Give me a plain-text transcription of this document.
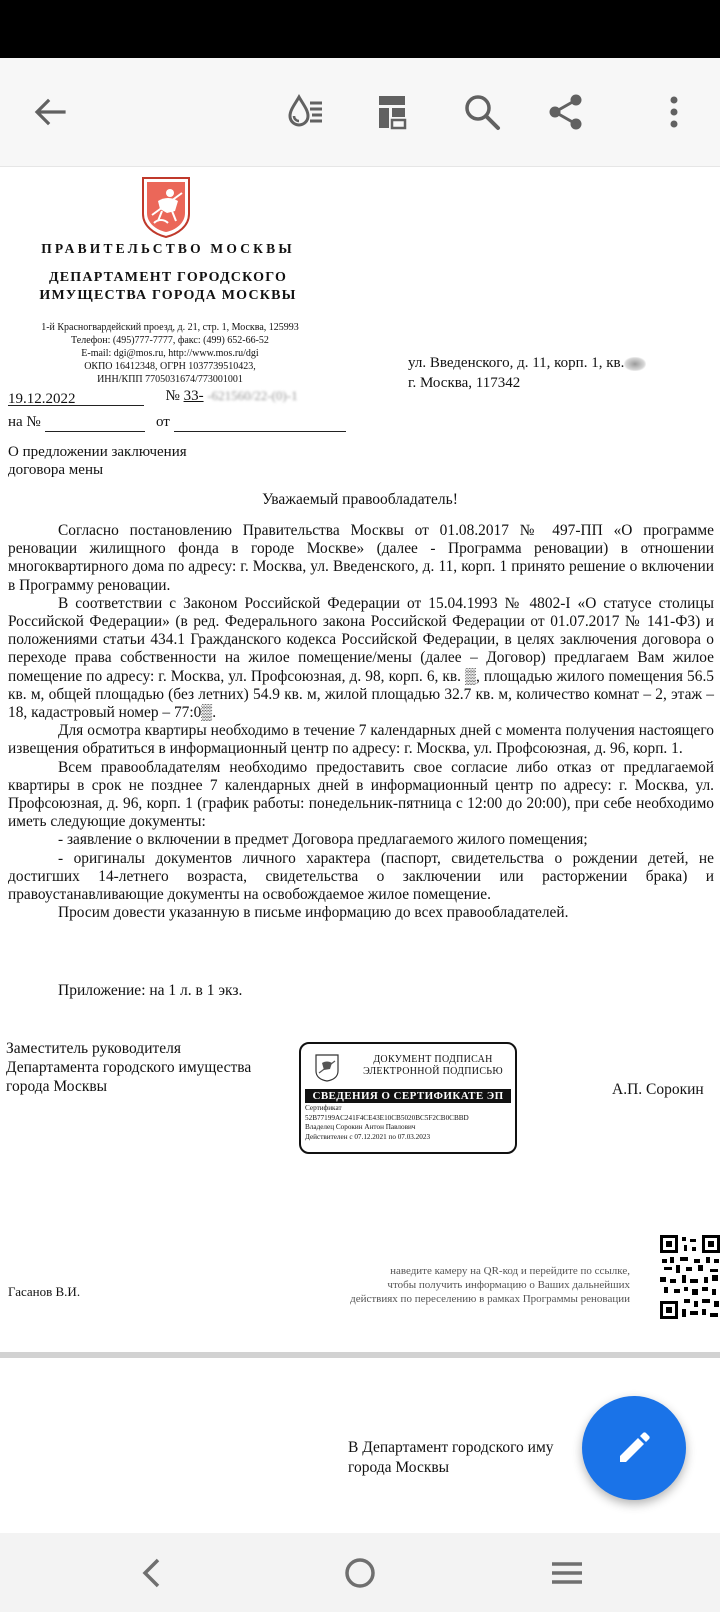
ПРАВИТЕЛЬСТВО МОСКВЫ
ДЕПАРТАМЕНТ ГОРОДСКОГО
ИМУЩЕСТВА ГОРОДА МОСКВЫ
1-й Красногвардейский проезд, д. 21, стр. 1, Москва, 125993
Телефон: (495)777-7777, факс: (499) 652-66-52
E-mail: dgi@mos.ru, http://www.mos.ru/dgi
ОКПО 16412348, ОГРН 1037739510423,
ИНН/КПП 7705031674/773001001
ул. Введенского, д. 11, корп. 1, кв.
г. Москва, 117342
19.12.2022	№ 33- -621560/22-(0)-1
на №	от
О предложении заключения
договора мены
Уважаемый правообладатель!

Согласно постановлению Правительства Москвы от 01.08.2017 № 497-ПП «О программе реновации жилищного фонда в городе Москве» (далее - Программа реновации) в отношении многоквартирного дома по адресу: г. Москва, ул. Введенского, д. 11, корп. 1 принято решение о включении в Программу реновации.

В соответствии с Законом Российской Федерации от 15.04.1993 № 4802-I «О статусе столицы Российской Федерации» (в ред. Федерального закона Российской Федерации от 01.07.2017 № 141-ФЗ) и положениями статьи 434.1 Гражданского кодекса Российской Федерации, в целях заключения договора о переходе права собственности на жилое помещение/мены (далее – Договор) предлагаем Вам жилое помещение по адресу: г. Москва, ул. Профсоюзная, д. 98, корп. 6, кв. ▒, площадью жилого помещения 56.5 кв. м, общей площадью (без летних) 54.9 кв. м, жилой площадью 32.7 кв. м, количество комнат – 2, этаж – 18, кадастровый номер – 77:0▒.

Для осмотра квартиры необходимо в течение 7 календарных дней с момента получения настоящего извещения обратиться в информационный центр по адресу: г. Москва, ул. Профсоюзная, д. 96, корп. 1.

Всем правообладателям необходимо предоставить свое согласие либо отказ от предлагаемой квартиры в срок не позднее 7 календарных дней в информационный центр по адресу: г. Москва, ул. Профсоюзная, д. 96, корп. 1 (график работы: понедельник-пятница с 12:00 до 20:00), при себе необходимо иметь следующие документы:

- заявление о включении в предмет Договора предлагаемого жилого помещения;

- оригиналы документов личного характера (паспорт, свидетельства о рождении детей, не достигших 14-летнего возраста, свидетельства о заключении или расторжении брака) и правоустанавливающие документы на освобождаемое жилое помещение.

Просим довести указанную в письме информацию до всех правообладателей.

Приложение: на 1 л. в 1 экз.
Заместитель руководителя
Департамента городского имущества
города Москвы
ДОКУМЕНТ ПОДПИСАН
ЭЛЕКТРОННОЙ ПОДПИСЬЮ
СВЕДЕНИЯ О СЕРТИФИКАТЕ ЭП
Сертификат
52B77199AC241F4CE43E10CB5020BC5F2CB0CBBD
Владелец Сорокин Антон Павлович
Действителен с 07.12.2021 по 07.03.2023
А.П. Сорокин
Гасанов В.И.
наведите камеру на QR-код и перейдите по ссылке,
чтобы получить информацию о Ваших дальнейших
действиях по переселению в рамках Программы реновации
В Департамент городского иму
города Москвы
